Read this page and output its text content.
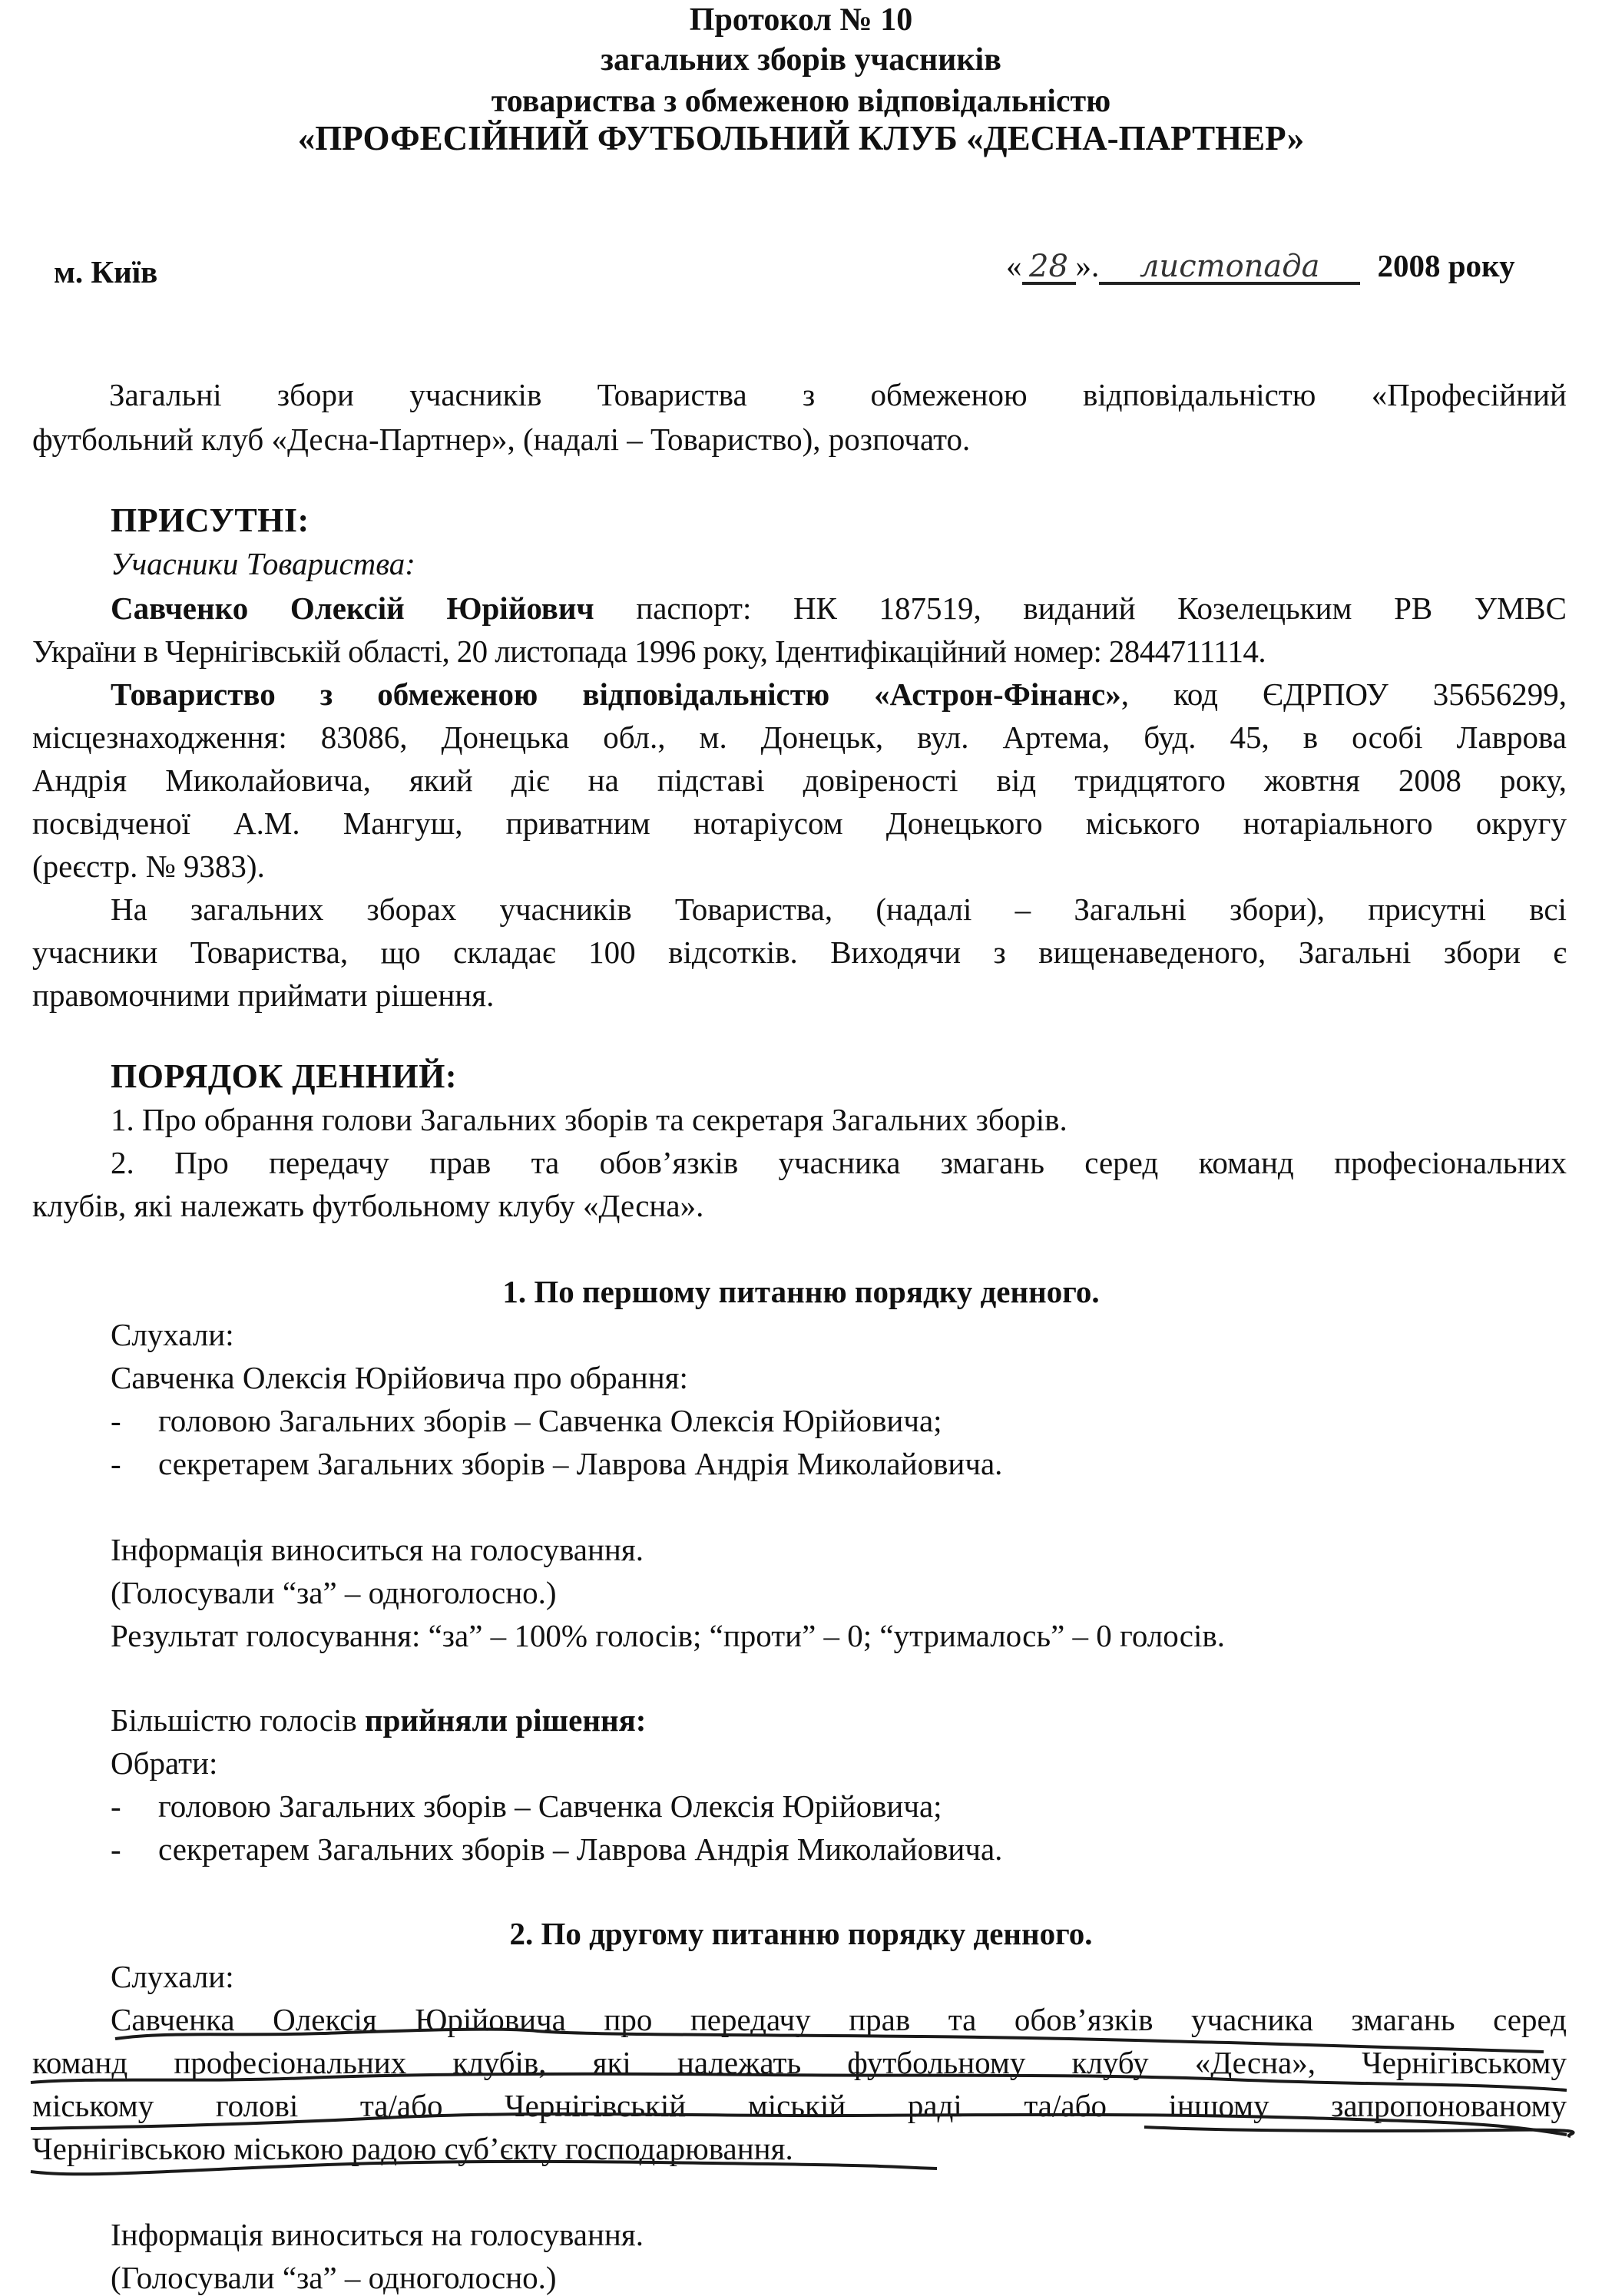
Протокол № 10
загальних зборів учасників
товариства з обмеженою відповідальністю
«ПРОФЕСІЙНИЙ ФУТБОЛЬНИЙ КЛУБ «ДЕСНА-ПАРТНЕР»
м. Київ	« 28 ». листопада 2008 року
Загальні збори учасників Товариства з обмеженою відповідальністю «Професійний
футбольний клуб «Десна-Партнер», (надалі – Товариство), розпочато.
ПРИСУТНІ:
Учасники Товариства:
Савченко Олексій Юрійович паспорт: НК 187519, виданий Козелецьким РВ УМВС
України в Чернігівській області, 20 листопада 1996 року, Ідентифікаційний номер: 2844711114.
Товариство з обмеженою відповідальністю «Астрон-Фінанс», код ЄДРПОУ 35656299,
місцезнаходження: 83086, Донецька обл., м. Донецьк, вул. Артема, буд. 45, в особі Лаврова
Андрія Миколайовича, який діє на підставі довіреності від тридцятого жовтня 2008 року,
посвідченої А.М. Мангуш, приватним нотаріусом Донецького міського нотаріального округу
(реєстр. № 9383).
На загальних зборах учасників Товариства, (надалі – Загальні збори), присутні всі
учасники Товариства, що складає 100 відсотків. Виходячи з вищенаведеного, Загальні збори є
правомочними приймати рішення.
ПОРЯДОК ДЕННИЙ:
1. Про обрання голови Загальних зборів та секретаря Загальних зборів.
2. Про передачу прав та обов’язків учасника змагань серед команд професіональних
клубів, які належать футбольному клубу «Десна».
1. По першому питанню порядку денного.
Слухали:
Савченка Олексія Юрійовича про обрання:
- головою Загальних зборів – Савченка Олексія Юрійовича;
- секретарем Загальних зборів – Лаврова Андрія Миколайовича.
Інформація виноситься на голосування.
(Голосували “за” – одноголосно.)
Результат голосування: “за” – 100% голосів; “проти” – 0; “утрималось” – 0 голосів.
Більшістю голосів прийняли рішення:
Обрати:
- головою Загальних зборів – Савченка Олексія Юрійовича;
- секретарем Загальних зборів – Лаврова Андрія Миколайовича.
2. По другому питанню порядку денного.
Слухали:
Савченка Олексія Юрійовича про передачу прав та обов’язків учасника змагань серед
команд професіональних клубів, які належать футбольному клубу «Десна», Чернігівському
міському голові та/або Чернігівській міській раді та/або іншому запропонованому
Чернігівською міською радою суб’єкту господарювання.
Інформація виноситься на голосування.
(Голосували “за” – одноголосно.)
